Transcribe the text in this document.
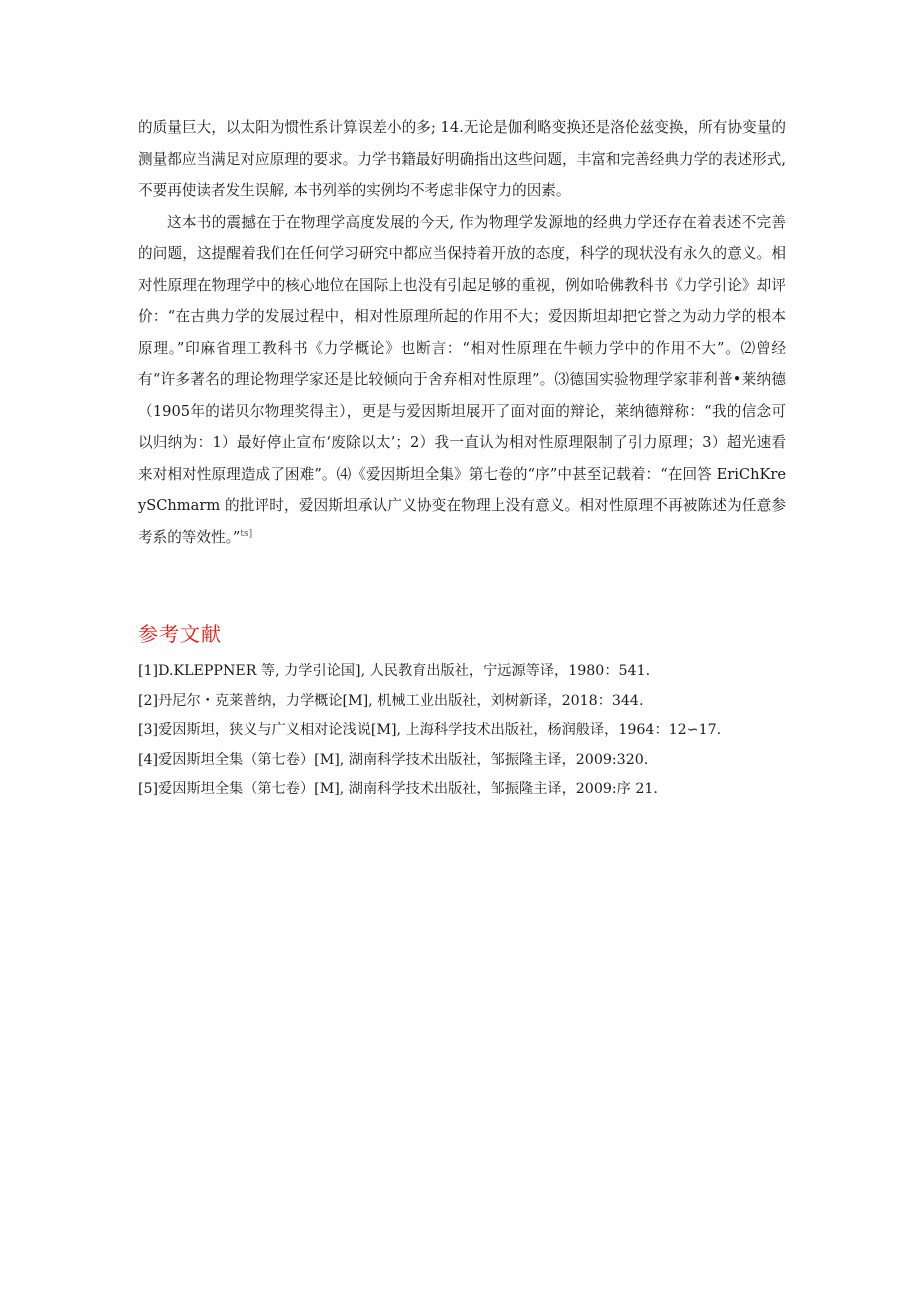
的质量巨大，以太阳为惯性系计算误差小的多; 14.无论是伽利略变换还是洛伦兹变换，所有协变量的测量都应当满足对应原理的要求。力学书籍最好明确指出这些问题，丰富和完善经典力学的表述形式, 不要再使读者发生误解, 本书列举的实例均不考虑非保守力的因素。

这本书的震撼在于在物理学高度发展的今天, 作为物理学发源地的经典力学还存在着表述不完善的问题，这提醒着我们在任何学习研究中都应当保持着开放的态度，科学的现状没有永久的意义。相对性原理在物理学中的核心地位在国际上也没有引起足够的重视，例如哈佛教科书《力学引论》却评价：“在古典力学的发展过程中，相对性原理所起的作用不大；爱因斯坦却把它誉之为动力学的根本原理。”印麻省理工教科书《力学概论》也断言：“相对性原理在牛顿力学中的作用不大”。⑵曾经有“许多著名的理论物理学家还是比较倾向于舍弃相对性原理”。⑶德国实验物理学家菲利普•莱纳德（1905年的诺贝尔物理奖得主），更是与爱因斯坦展开了面对面的辩论，莱纳德辩称：“我的信念可以归纳为：1）最好停止宣布‘废除以太’；2）我一直认为相对性原理限制了引力原理；3）超光速看来对相对性原理造成了困难”。⑷《爱因斯坦全集》第七卷的“序”中甚至记载着：“在回答 EriChKreySChmarm 的批评时，爱因斯坦承认广义协变在物理上没有意义。相对性原理不再被陈述为任意参考系的等效性。”$^{ts]}$

参考文献
[1]D.KLEPPNER 等, 力学引论国], 人民教育出版社，宁远源等译，1980：541.
[2]丹尼尔・克莱普纳，力学概论[M], 机械工业出版社，刘树新译，2018：344.
[3]爱因斯坦，狭义与广义相对论浅说[M], 上海科学技术出版社，杨润般译，1964：12∽17.
[4]爱因斯坦全集（第七卷）[M], 湖南科学技术出版社，邹振隆主译，2009:320.
[5]爱因斯坦全集（第七卷）[M], 湖南科学技术出版社，邹振隆主译，2009:序 21.
